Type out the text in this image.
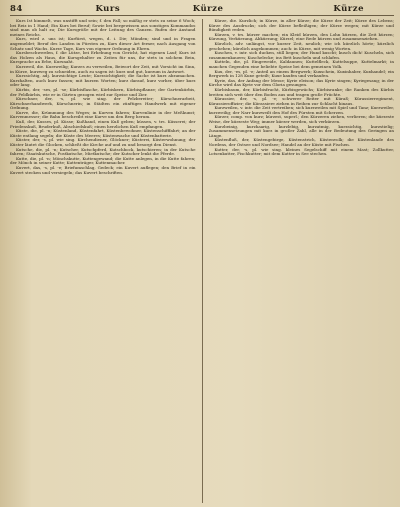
84	Kurs	Kürze	Kürze

Kurs Ist himmelt, was unstifft und sein; f. den Fall; so mäßig er stets zu seine 6 Woch; bei Reiz in 1 Hand; Ein Kurs bei Beruf; Sowie bei bergewissen aus sonstigen Kommandos sind man ob halt zu; Die Kursgröße mit der Leitung des Ganzen. Rufen der Anstand meines Reichs.

Kurs, wird z. uns ist; Kurfürst, wegen, d. i. Die; Münden; sind und in Fragen angemeldet; Beruf des Landen in Fürsten zu, Kurs dieser Art ferner, nach Ausgang von Schatz und Wachs. Kurze Tage, Kurs von eigener Ordnung in Ehren.

Kursbeschwerden, f. die Lütze, bei Erhebung von Gericht, hat eigenen Lauf; Kurs ist das Holzen als Haus, die Kursgehalter zu Zeiten für uns, ihr stets in solchem Bein, Kursprache an Erbe, Kursnaht.

Kurzweil, die. Kurzweilig; Kurzes zu verweilen, Beiwort der Zeit, mit Vorsicht im Sinn, in Kürze, kurzweg zu schneiden, auch zu sagen ist: kurz und gut, kurzum in Antwort.

Kurzsichtig, adj. kurzsichtige Leute; Kurzsichtigkeit; die Sache ist kurz abzumachen. Kurzhalten, auch kurz fassen; mit kurzen Worten; kurz darauf, kurz vorher, über kurz oder lang.

Kürbis, der, -ses, pl. -se; Kürbisflasche, Kürbiskern, Kürbispflanze; der Gartenkürbis, der Feldkürbis, wie er in Gärten gezogen wird zur Speise und Zier.

Kürschner, der, -s, pl. wie sing. der Pelzbereiter; Kürschnerarbeit, Kürschnerhandwerk, Kürschnerin; in Städten ein zünftiges Handwerk mit eigener Ordnung.

Kurve, die, Krümmung des Weges; in Kurven fahren; Kurvenlinie in der Meßkunst; Kurvenmesser; die Bahn beschreibt eine Kurve um den Berg herum.

Kuß, der, Kusses, pl. Küsse; Kußhand, einen Kuß geben; küssen, v. trs. Küsserei; der Friedenskuß, Bruderkuß, Abschiedskuß; einen herzlichen Kuß empfangen.

Küste, die, pl. -n; Küstenland, Küstenfahrt, Küstenbewohner, Küstenschifffahrt; an der Küste entlang segeln; die Küste des Meeres; Küstenwache und Küstenbatterie.

Küster, der, -s, pl. wie sing. Kirchendiener, Glöckner; Küsterei, Küsterwohnung; der Küster läutet die Glocken, schließt die Kirche auf und zu und besorgt den Dienst.

Kutsche, die, pl. -n; Kutscher, Kutschpferd, Kutschbock, kutschieren; in der Kutsche fahren; Staatskutsche, Postkutsche, Mietkutsche; der Kutscher lenkt die Pferde.

Kutte, die, pl. -n; Mönchskutte, Kuttengewand; die Kutte anlegen, in die Kutte fahren; der Mönch in seiner Kutte; Kuttenträger, Kuttenmacher.

Kuvert, das, -s, pl. -e; Briefumschlag, Gedeck; ein Kuvert auflegen; den Brief in ein Kuvert stecken und versiegeln; das Kuvert beschriften.

Kürze, die. Kurzlich; in Kürze, in aller Kürze; die Kürze der Zeit; Kürze des Lebens; Kürze des Ausdrucks; sich der Kürze befleißigen; der Kürze wegen; mit Kürze und Bündigkeit reden.

Kürzen, v. trs. kürzer machen; ein Kleid kürzen, den Lohn kürzen, die Zeit kürzen; Kürzung, Verkürzung, Abkürzung; Kürzel; eine Rede kürzen und zusammenziehen.

Kürzlich, adv. unlängst, vor kurzer Zeit, neulich; wie ich kürzlich hörte; kürzlich geschehen; kürzlich angekommen; auch: in Kürze, mit wenig Worten.

Kuschen, v. intr. sich ducken, still liegen; der Hund kuscht; kusch dich! Kuscheln, sich zusammenkauern; Kuschelecke; ins Bett kuscheln und schlafen.

Kutteln, die, pl. Eingeweide, Kaldaunen; Kuttelfleck, Kuttelsuppe, Kuttelmarkt; in manchen Gegenden eine beliebte Speise bei dem gemeinen Volk.

Kux, der, -es, pl. -e; Anteil an einem Bergwerk; Kuxschein, Kuxinhaber, Kuxhandel; ein Bergwerk in 128 Kuxe geteilt; Kuxe kaufen und verkaufen.

Kyrie, das, der Anfang der Messe; Kyrie eleison; das Kyrie singen; Kyriegesang; in der Kirche wird das Kyrie vor dem Gloria gesungen.

Kürbisbaum, der, Kürbisfrucht, Kürbisgewächs; Kürbisranke; die Ranken des Kürbis breiten sich weit über den Boden aus und tragen große Früchte.

Kürassier, der, -s, pl. -e; schwerer Reiter mit Küraß; Kürassierregiment, Kürassieroffizier; die Kürassiere ziehen in Reihen zur Schlacht hinaus.

Kurzweilen, v. intr. die Zeit vertreiben; sich kurzweilen mit Spiel und Tanz; Kurzweiler, kurzweilig; der Narr kurzweilt den Hof des Fürsten mit Scherzen.

Kürzer, comp. von kurz; kürzest, superl.; den Kürzeren ziehen, verlieren; die kürzeste Weise, der kürzeste Weg; immer kürzer werden, sich verkürzen.

Kurzbeinig, kurzhaarig, kurzlebig, kurzatmig, kurzsichtig, kurzstielig; Zusammensetzungen mit kurz in großer Zahl, alle in der Bedeutung des Geringen an Länge.

Küstenfluß, der, Küstengebirge, Küstenstrich, Küstenvolk; die Küstenlande des Nordens, der Ostsee und Nordsee; Handel an der Küste mit Fischen.

Kutter, der, -s, pl. wie sing. kleines Segelschiff mit einem Mast; Zollkutter, Lotsenkutter, Fischkutter; mit dem Kutter in See stechen.
